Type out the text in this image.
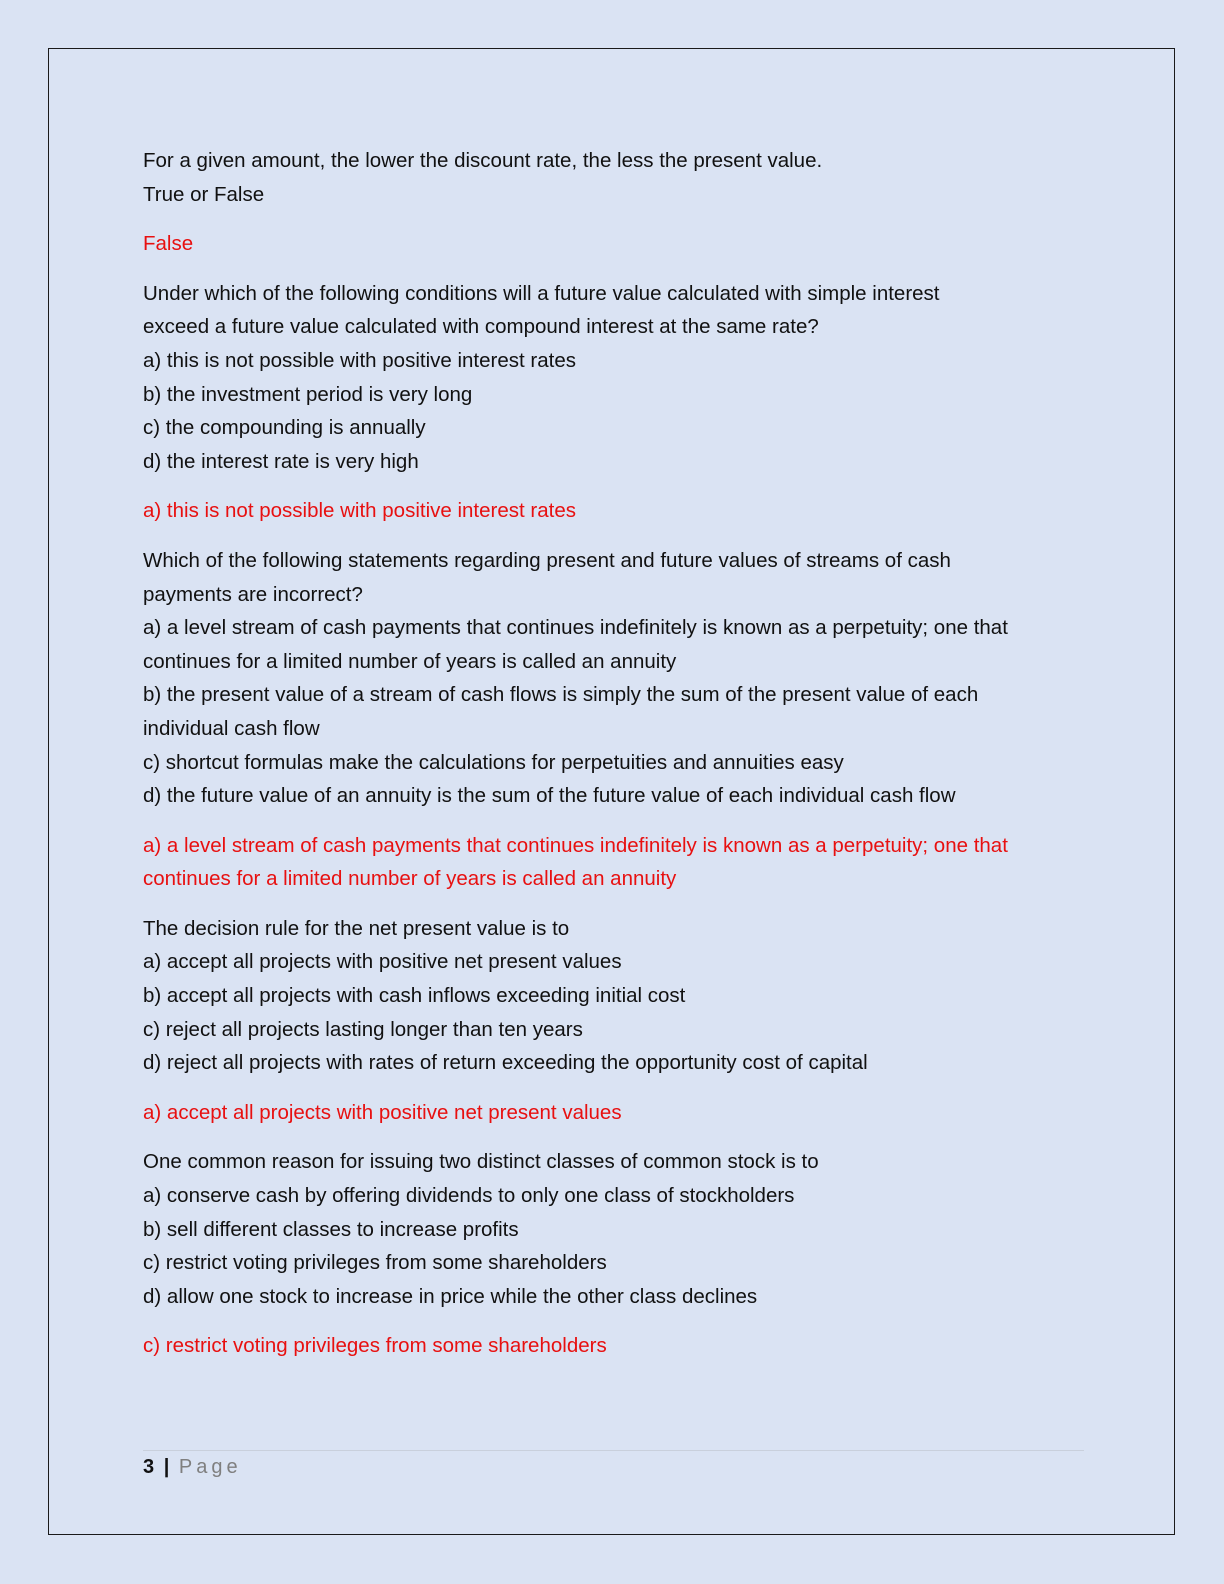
For a given amount, the lower the discount rate, the less the present value.
True or False
False
Under which of the following conditions will a future value calculated with simple interest
exceed a future value calculated with compound interest at the same rate?
a) this is not possible with positive interest rates
b) the investment period is very long
c) the compounding is annually
d) the interest rate is very high
a) this is not possible with positive interest rates
Which of the following statements regarding present and future values of streams of cash
payments are incorrect?
a) a level stream of cash payments that continues indefinitely is known as a perpetuity; one that
continues for a limited number of years is called an annuity
b) the present value of a stream of cash flows is simply the sum of the present value of each
individual cash flow
c) shortcut formulas make the calculations for perpetuities and annuities easy
d) the future value of an annuity is the sum of the future value of each individual cash flow
a) a level stream of cash payments that continues indefinitely is known as a perpetuity; one that
continues for a limited number of years is called an annuity
The decision rule for the net present value is to
a) accept all projects with positive net present values
b) accept all projects with cash inflows exceeding initial cost
c) reject all projects lasting longer than ten years
d) reject all projects with rates of return exceeding the opportunity cost of capital
a) accept all projects with positive net present values
One common reason for issuing two distinct classes of common stock is to
a) conserve cash by offering dividends to only one class of stockholders
b) sell different classes to increase profits
c) restrict voting privileges from some shareholders
d) allow one stock to increase in price while the other class declines
c) restrict voting privileges from some shareholders
3 | Page
